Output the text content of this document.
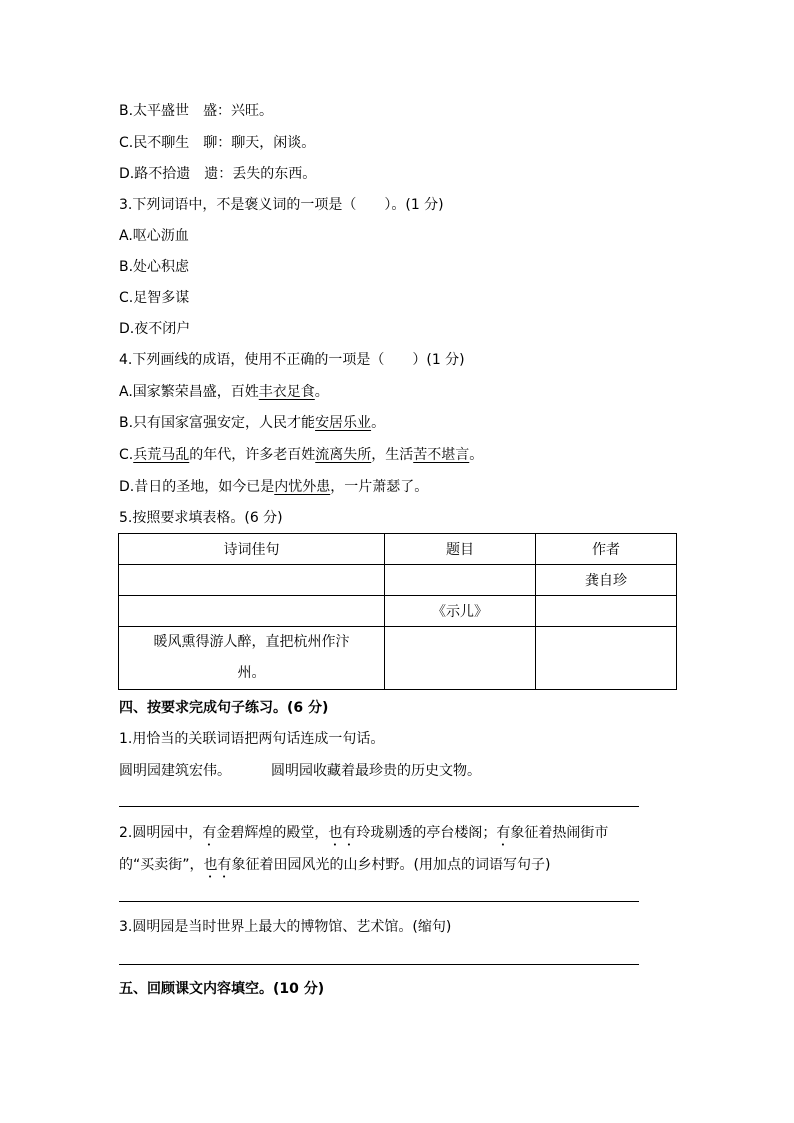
B.太平盛世 盛：兴旺。
C.民不聊生 聊：聊天，闲谈。
D.路不拾遗 遗：丢失的东西。
3.下列词语中，不是褒义词的一项是（　　）。(1 分)
A.呕心沥血
B.处心积虑
C.足智多谋
D.夜不闭户
4.下列画线的成语，使用不正确的一项是（　　）(1 分)
A.国家繁荣昌盛，百姓丰衣足食。
B.只有国家富强安定，人民才能安居乐业。
C.兵荒马乱的年代，许多老百姓流离失所，生活苦不堪言。
D.昔日的圣地，如今已是内忧外患，一片萧瑟了。
5.按照要求填表格。(6 分)
诗词佳句	题目	作者
		龚自珍
	《示儿》	
暖风熏得游人醉，直把杭州作汴
州。		
四、按要求完成句子练习。(6 分)
1.用恰当的关联词语把两句话连成一句话。
圆明园建筑宏伟。	圆明园收藏着最珍贵的历史文物。
2.圆明园中，有金碧辉煌的殿堂，也有玲珑剔透的亭台楼阁；有象征着热闹街市
的“买卖街”，也有象征着田园风光的山乡村野。(用加点的词语写句子)
3.圆明园是当时世界上最大的博物馆、艺术馆。(缩句)
五、回顾课文内容填空。(10 分)
